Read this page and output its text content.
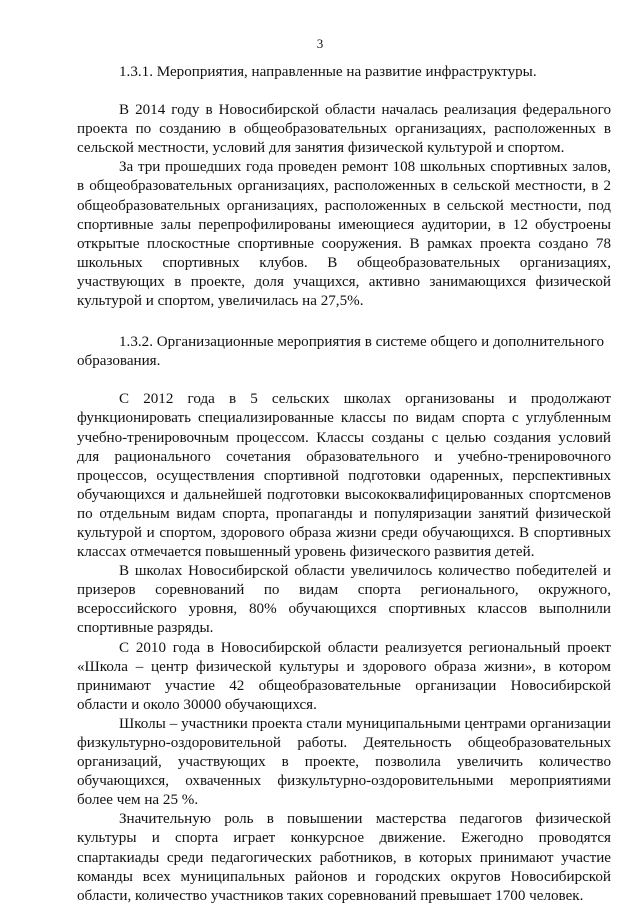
3

1.3.1. Мероприятия, направленные на развитие инфраструктуры.

В 2014 году в Новосибирской области началась реализация федерального проекта по созданию в общеобразовательных организациях, расположенных в сельской местности, условий для занятия физической культурой и спортом.

За три прошедших года проведен ремонт 108 школьных спортивных залов, в общеобразовательных организациях, расположенных в сельской местности, в 2 общеобразовательных организациях, расположенных в сельской местности, под спортивные залы перепрофилированы имеющиеся аудитории, в 12 обустроены открытые плоскостные спортивные сооружения. В рамках проекта создано 78 школьных спортивных клубов. В общеобразовательных организациях, участвующих в проекте, доля учащихся, активно занимающихся физической культурой и спортом, увеличилась на 27,5%.

1.3.2. Организационные мероприятия в системе общего и дополнительного образования.

С 2012 года в 5 сельских школах организованы и продолжают функционировать специализированные классы по видам спорта с углубленным учебно-тренировочным процессом. Классы созданы с целью создания условий для рационального сочетания образовательного и учебно-тренировочного процессов, осуществления спортивной подготовки одаренных, перспективных обучающихся и дальнейшей подготовки высококвалифицированных спортсменов по отдельным видам спорта, пропаганды и популяризации занятий физической культурой и спортом, здорового образа жизни среди обучающихся. В спортивных классах отмечается повышенный уровень физического развития детей.

В школах Новосибирской области увеличилось количество победителей и призеров соревнований по видам спорта регионального, окружного, всероссийского уровня, 80% обучающихся спортивных классов выполнили спортивные разряды.

С 2010 года в Новосибирской области реализуется региональный проект «Школа – центр физической культуры и здорового образа жизни», в котором принимают участие 42 общеобразовательные организации Новосибирской области и около 30000 обучающихся.

Школы – участники проекта стали муниципальными центрами организации физкультурно-оздоровительной работы. Деятельность общеобразовательных организаций, участвующих в проекте, позволила увеличить количество обучающихся, охваченных физкультурно-оздоровительными мероприятиями более чем на 25 %.

Значительную роль в повышении мастерства педагогов физической культуры и спорта играет конкурсное движение. Ежегодно проводятся спартакиады среди педагогических работников, в которых принимают участие команды всех муниципальных районов и городских округов Новосибирской области, количество участников таких соревнований превышает 1700 человек.
